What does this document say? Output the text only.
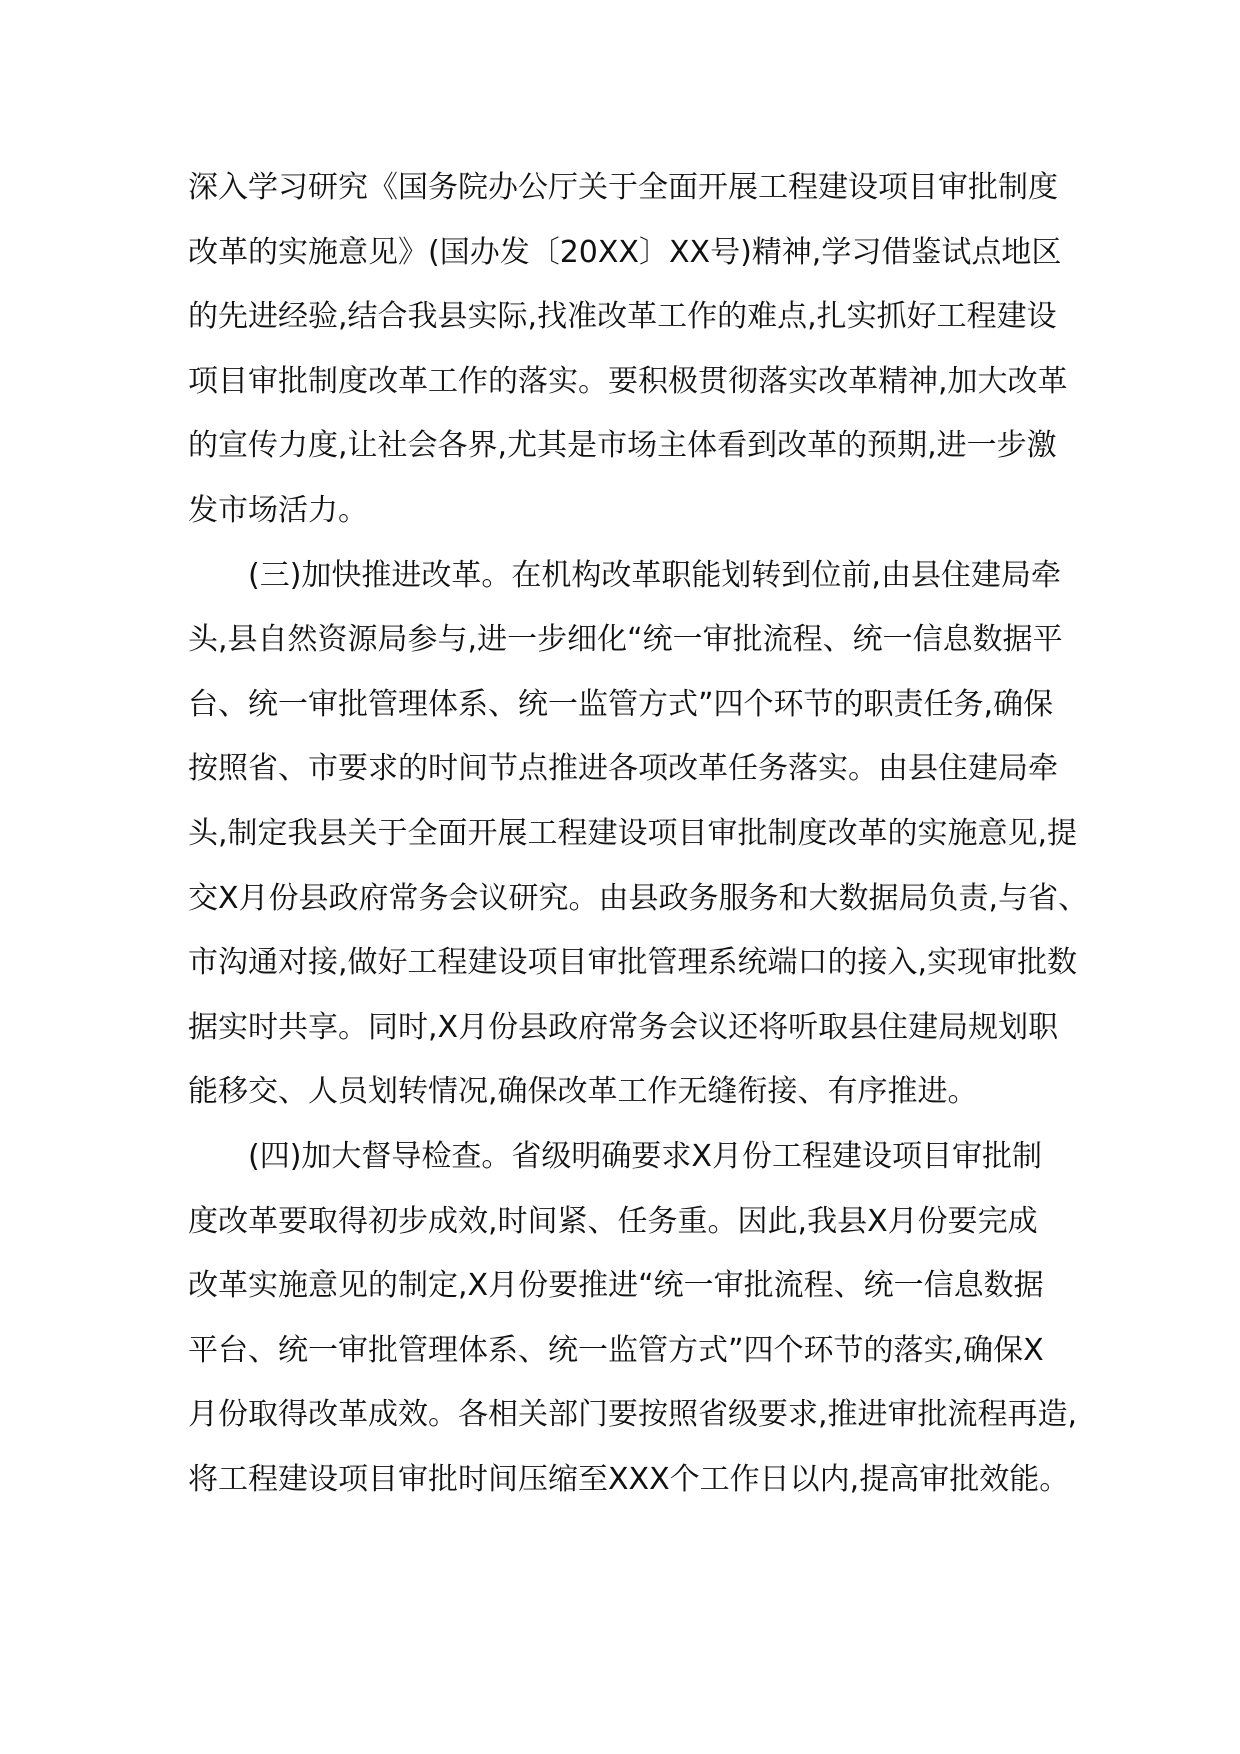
深入学习研究《国务院办公厅关于全面开展工程建设项目审批制度
改革的实施意见》(国办发〔20XX〕XX号)精神,学习借鉴试点地区
的先进经验,结合我县实际,找准改革工作的难点,扎实抓好工程建设
项目审批制度改革工作的落实。要积极贯彻落实改革精神,加大改革
的宣传力度,让社会各界,尤其是市场主体看到改革的预期,进一步激
发市场活力。
(三)加快推进改革。在机构改革职能划转到位前,由县住建局牵
头,县自然资源局参与,进一步细化“统一审批流程、统一信息数据平
台、统一审批管理体系、统一监管方式”四个环节的职责任务,确保
按照省、市要求的时间节点推进各项改革任务落实。由县住建局牵
头,制定我县关于全面开展工程建设项目审批制度改革的实施意见,提
交X月份县政府常务会议研究。由县政务服务和大数据局负责,与省、
市沟通对接,做好工程建设项目审批管理系统端口的接入,实现审批数
据实时共享。同时,X月份县政府常务会议还将听取县住建局规划职
能移交、人员划转情况,确保改革工作无缝衔接、有序推进。
(四)加大督导检查。省级明确要求X月份工程建设项目审批制
度改革要取得初步成效,时间紧、任务重。因此,我县X月份要完成
改革实施意见的制定,X月份要推进“统一审批流程、统一信息数据
平台、统一审批管理体系、统一监管方式”四个环节的落实,确保X
月份取得改革成效。各相关部门要按照省级要求,推进审批流程再造,
将工程建设项目审批时间压缩至XXX个工作日以内,提高审批效能。
